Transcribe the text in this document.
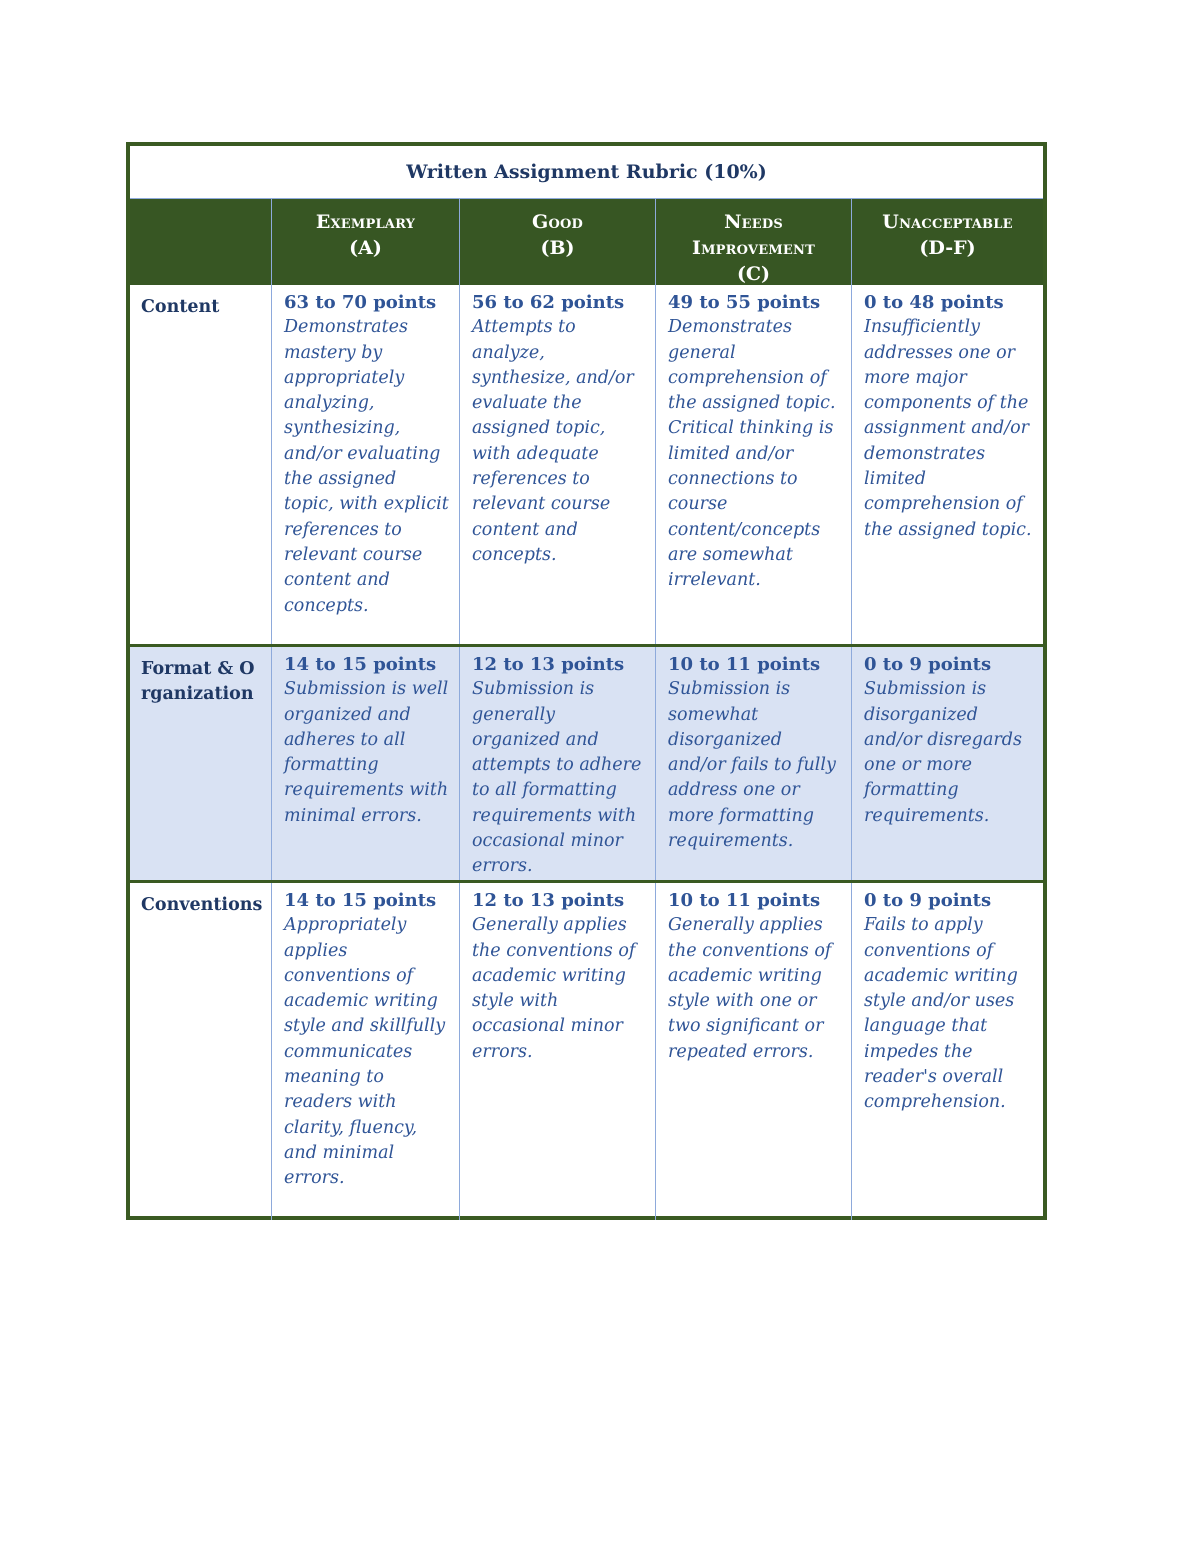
Written Assignment Rubric (10%)
Exemplary
(A)
Good
(B)
Needs Improvement
(C)
Unacceptable
(D-F)
Content	63 to 70 points
Demonstrates mastery by appropriately analyzing, synthesizing, and/or evaluating the assigned topic, with explicit references to relevant course content and concepts.
56 to 62 points
Attempts to analyze, synthesize, and/or evaluate the assigned topic, with adequate references to relevant course content and concepts.
49 to 55 points
Demonstrates general comprehension of the assigned topic. Critical thinking is limited and/or connections to course content/concepts are somewhat irrelevant.
0 to 48 points
Insufficiently addresses one or more major components of the assignment and/or demonstrates limited comprehension of the assigned topic.
Format & Organization
14 to 15 points
Submission is well organized and adheres to all formatting requirements with minimal errors.
12 to 13 points
Submission is generally organized and attempts to adhere to all formatting requirements with occasional minor errors.
10 to 11 points
Submission is somewhat disorganized and/or fails to fully address one or more formatting requirements.
0 to 9 points
Submission is disorganized and/or disregards one or more formatting requirements.
Conventions	14 to 15 points
Appropriately applies conventions of academic writing style and skillfully communicates meaning to readers with clarity, fluency, and minimal errors.
12 to 13 points
Generally applies the conventions of academic writing style with occasional minor errors.
10 to 11 points
Generally applies the conventions of academic writing style with one or two significant or repeated errors.
0 to 9 points
Fails to apply conventions of academic writing style and/or uses language that impedes the reader's overall comprehension.
